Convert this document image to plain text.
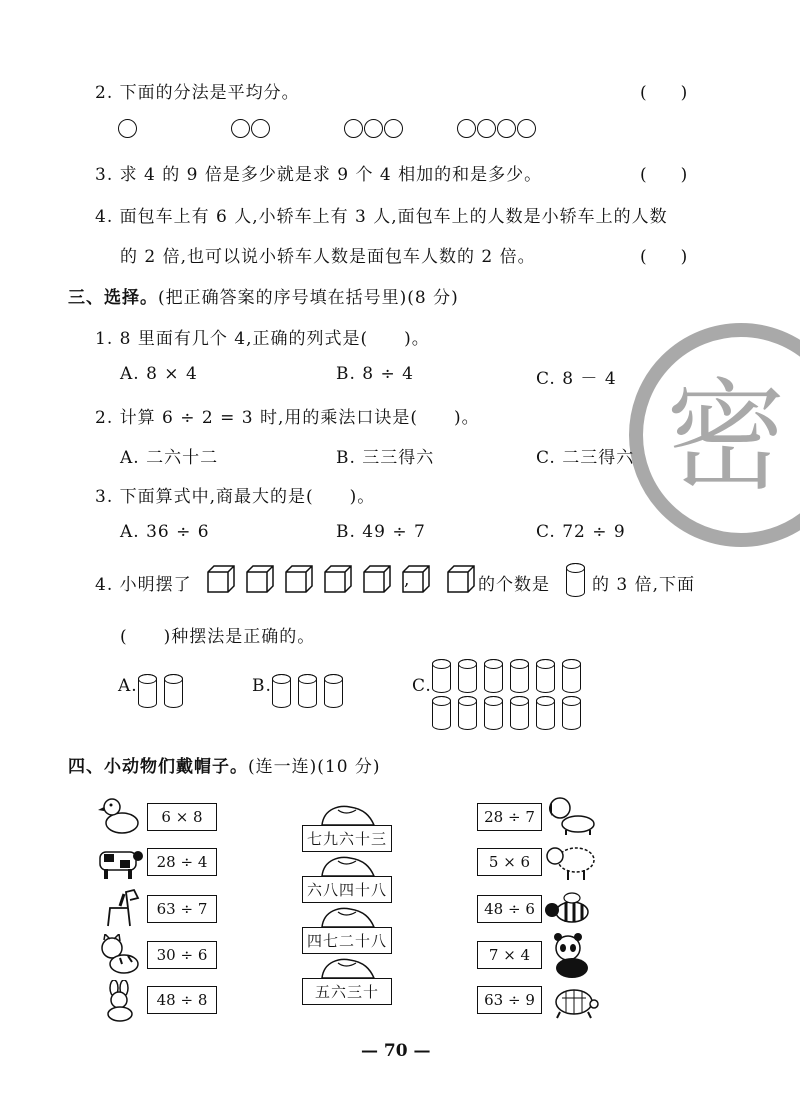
2. 下面的分法是平均分。	(　　)
3. 求 4 的 9 倍是多少就是求 9 个 4 相加的和是多少。	(　　)
4. 面包车上有 6 人,小轿车上有 3 人,面包车上的人数是小轿车上的人数
的 2 倍,也可以说小轿车人数是面包车人数的 2 倍。	(　　)
密
三、选择。(把正确答案的序号填在括号里)(8 分)
1. 8 里面有几个 4,正确的列式是(　　)。
A. 8 × 4	B. 8 ÷ 4	C. 8 － 4
2. 计算 6 ÷ 2 = 3 时,用的乘法口诀是(　　)。
A. 二六十二	B. 三三得六	C. 二三得六
3. 下面算式中,商最大的是(　　)。
A. 36 ÷ 6	B. 49 ÷ 7	C. 72 ÷ 9
4. 小明摆了	,	的个数是 的 3 倍,下面
(　　)种摆法是正确的。
A.	B.	C.
四、小动物们戴帽子。(连一连)(10 分)
6 × 8
28 ÷ 4
63 ÷ 7
30 ÷ 6
48 ÷ 8
七九六十三
六八四十八
四七二十八
五六三十
28 ÷ 7
5 × 6
48 ÷ 6
7 × 4
63 ÷ 9
— 70 —
